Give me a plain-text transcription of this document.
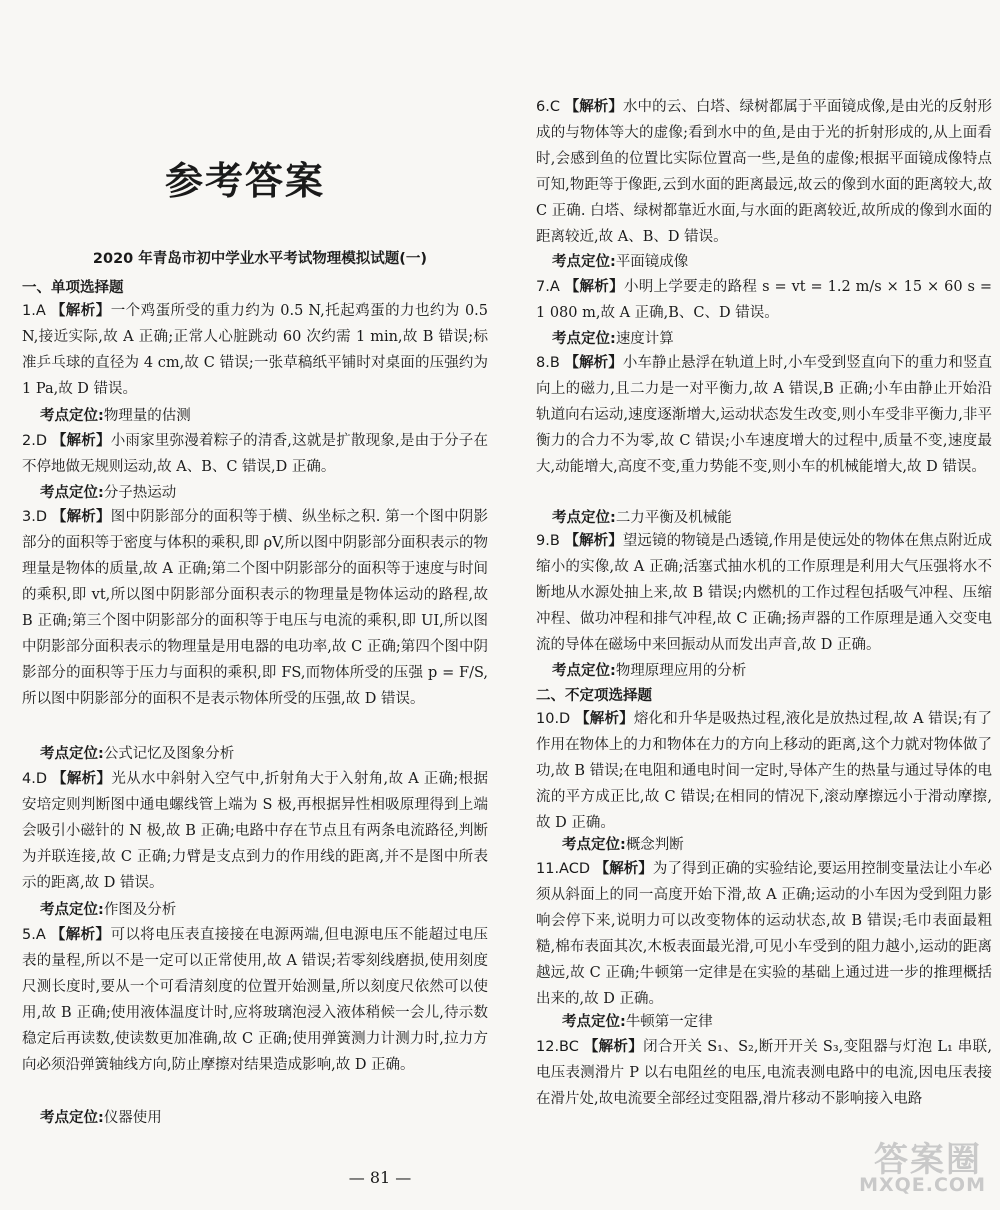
参考答案
2020 年青岛市初中学业水平考试物理模拟试题(一)
一、单项选择题

1.A 【解析】一个鸡蛋所受的重力约为 0.5 N,托起鸡蛋的力也约为 0.5 N,接近实际,故 A 正确;正常人心脏跳动 60 次约需 1 min,故 B 错误;标准乒乓球的直径为 4 cm,故 C 错误;一张草稿纸平铺时对桌面的压强约为 1 Pa,故 D 错误。

考点定位:物理量的估测

2.D 【解析】小雨家里弥漫着粽子的清香,这就是扩散现象,是由于分子在不停地做无规则运动,故 A、B、C 错误,D 正确。

考点定位:分子热运动

3.D 【解析】图中阴影部分的面积等于横、纵坐标之积. 第一个图中阴影部分的面积等于密度与体积的乘积,即 ρV,所以图中阴影部分面积表示的物理量是物体的质量,故 A 正确;第二个图中阴影部分的面积等于速度与时间的乘积,即 vt,所以图中阴影部分面积表示的物理量是物体运动的路程,故 B 正确;第三个图中阴影部分的面积等于电压与电流的乘积,即 UI,所以图中阴影部分面积表示的物理量是用电器的电功率,故 C 正确;第四个图中阴影部分的面积等于压力与面积的乘积,即 FS,而物体所受的压强 p = F/S,所以图中阴影部分的面积不是表示物体所受的压强,故 D 错误。

考点定位:公式记忆及图象分析

4.D 【解析】光从水中斜射入空气中,折射角大于入射角,故 A 正确;根据安培定则判断图中通电螺线管上端为 S 极,再根据异性相吸原理得到上端会吸引小磁针的 N 极,故 B 正确;电路中存在节点且有两条电流路径,判断为并联连接,故 C 正确;力臂是支点到力的作用线的距离,并不是图中所表示的距离,故 D 错误。

考点定位:作图及分析

5.A 【解析】可以将电压表直接接在电源两端,但电源电压不能超过电压表的量程,所以不是一定可以正常使用,故 A 错误;若零刻线磨损,使用刻度尺测长度时,要从一个可看清刻度的位置开始测量,所以刻度尺依然可以使用,故 B 正确;使用液体温度计时,应将玻璃泡浸入液体稍候一会儿,待示数稳定后再读数,使读数更加准确,故 C 正确;使用弹簧测力计测力时,拉力方向必须沿弹簧轴线方向,防止摩擦对结果造成影响,故 D 正确。

考点定位:仪器使用

6.C 【解析】水中的云、白塔、绿树都属于平面镜成像,是由光的反射形成的与物体等大的虚像;看到水中的鱼,是由于光的折射形成的,从上面看时,会感到鱼的位置比实际位置高一些,是鱼的虚像;根据平面镜成像特点可知,物距等于像距,云到水面的距离最远,故云的像到水面的距离较大,故 C 正确. 白塔、绿树都靠近水面,与水面的距离较近,故所成的像到水面的距离较近,故 A、B、D 错误。

考点定位:平面镜成像

7.A 【解析】小明上学要走的路程 s = vt = 1.2 m/s × 15 × 60 s = 1 080 m,故 A 正确,B、C、D 错误。

考点定位:速度计算

8.B 【解析】小车静止悬浮在轨道上时,小车受到竖直向下的重力和竖直向上的磁力,且二力是一对平衡力,故 A 错误,B 正确;小车由静止开始沿轨道向右运动,速度逐渐增大,运动状态发生改变,则小车受非平衡力,非平衡力的合力不为零,故 C 错误;小车速度增大的过程中,质量不变,速度最大,动能增大,高度不变,重力势能不变,则小车的机械能增大,故 D 错误。

考点定位:二力平衡及机械能

9.B 【解析】望远镜的物镜是凸透镜,作用是使远处的物体在焦点附近成缩小的实像,故 A 正确;活塞式抽水机的工作原理是利用大气压强将水不断地从水源处抽上来,故 B 错误;内燃机的工作过程包括吸气冲程、压缩冲程、做功冲程和排气冲程,故 C 正确;扬声器的工作原理是通入交变电流的导体在磁场中来回振动从而发出声音,故 D 正确。

考点定位:物理原理应用的分析
二、不定项选择题

10.D 【解析】熔化和升华是吸热过程,液化是放热过程,故 A 错误;有了作用在物体上的力和物体在力的方向上移动的距离,这个力就对物体做了功,故 B 错误;在电阻和通电时间一定时,导体产生的热量与通过导体的电流的平方成正比,故 C 错误;在相同的情况下,滚动摩擦远小于滑动摩擦,故 D 正确。

考点定位:概念判断

11.ACD 【解析】为了得到正确的实验结论,要运用控制变量法让小车必须从斜面上的同一高度开始下滑,故 A 正确;运动的小车因为受到阻力影响会停下来,说明力可以改变物体的运动状态,故 B 错误;毛巾表面最粗糙,棉布表面其次,木板表面最光滑,可见小车受到的阻力越小,运动的距离越远,故 C 正确;牛顿第一定律是在实验的基础上通过进一步的推理概括出来的,故 D 正确。

考点定位:牛顿第一定律

12.BC 【解析】闭合开关 S₁、S₂,断开开关 S₃,变阻器与灯泡 L₁ 串联,电压表测滑片 P 以右电阻丝的电压,电流表测电路中的电流,因电压表接在滑片处,故电流要全部经过变阻器,滑片移动不影响接入电路

— 81 —	答案圈
MXQE.COM
